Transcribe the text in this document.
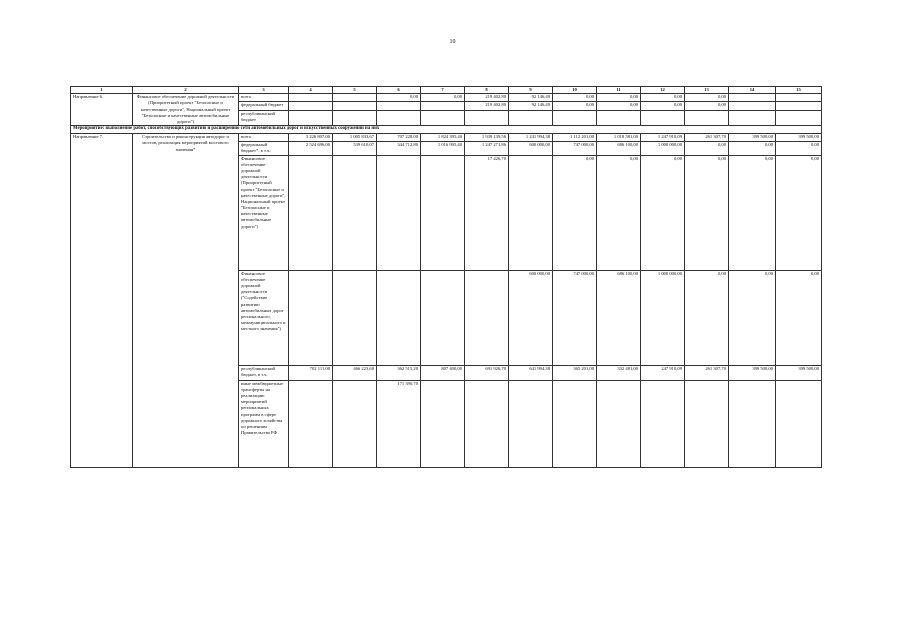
10
1	2	3	4	5	6	7	8	9	10	11	12	13	14	15
Направление 6.	Финансовое обеспечение дорожной деятельности (Приоритетный проект "Безопасные и качественные дороги", Национальный проект "Безопасные и качественные автомобильные дороги")	всего			0,00	0,00	219 402,80	92 146,49	0,00	0,00	0,00	0,00		
		федеральный бюджет					219 402,80	92 146,49	0,00	0,00	0,00	0,00		
		республиканский бюджет												
Мероприятие: выполнение работ, способствующих развитию и расширению сети автомобильных дорог и искусственных сооружений на них														
Направление 7.	Строительство и реконструкция автодорог и мостов, реализация мероприятий мостового значения*	всего	3 226 807,00	1 005 833,67	707 228,00	1 824 395,40	1 939 139,56	1 241 994,38	1 112 201,00	1 018 581,00	1 247 910,09	261 307,70	399 500,00	399 500,00
		федеральный бюджет*, в т.ч.:	2 524 696,00	539 610,07	344 712,80	1 016 995,40	1 247 271,86	600 000,00	747 000,00	686 100,00	1 000 000,00	0,00	0,00	0,00
		Финансовое обеспечение дорожной деятельности (Приоритетный проект "Безопасные и качественные дороги", Национальный проект "Безопасные и качественные автомобильные дороги")					17 426,70		0,00	0,00	0,00	0,00	0,00	0,00
		Финансовое обеспечение дорожной деятельности ("Содействие развитию автомобильных дорог регионального, межмуниципального и местного значения")						600 000,00	747 000,00	686 100,00	1 000 000,00	0,00	0,00	0,00
		республиканский бюджет, в т.ч.	702 111,00	466 223,60	362 515,20	807 400,00	691 926,70	641 994,38	365 201,00	332 481,00	247 910,09	261 307,70	399 500,00	399 500,00
		иные межбюджетные трансферты на реализацию мероприятий региональных программ в сфере дорожного хозяйства по решениям Правительства РФ			171 390,70									
